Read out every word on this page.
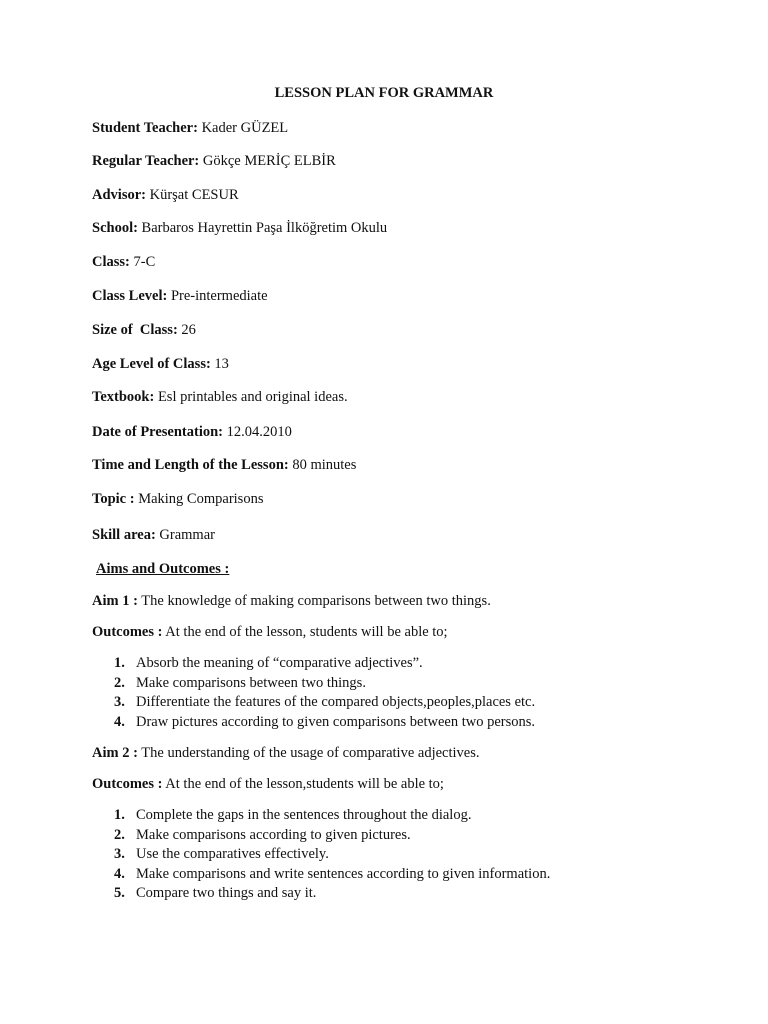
LESSON PLAN FOR GRAMMAR
Student Teacher: Kader GÜZEL
Regular Teacher: Gökçe MERİÇ ELBİR
Advisor: Kürşat CESUR
School: Barbaros Hayrettin Paşa İlköğretim Okulu
Class: 7-C
Class Level: Pre-intermediate
Size of  Class: 26
Age Level of Class: 13
Textbook: Esl printables and original ideas.
Date of Presentation: 12.04.2010
Time and Length of the Lesson: 80 minutes
Topic : Making Comparisons
Skill area: Grammar
Aims and Outcomes :
Aim 1 : The knowledge of making comparisons between two things.
Outcomes : At the end of the lesson, students will be able to;
1. Absorb the meaning of “comparative adjectives”.
2. Make comparisons between two things.
3. Differentiate the features of the compared objects,peoples,places etc.
4. Draw pictures according to given comparisons between two persons.
Aim 2 : The understanding of the usage of comparative adjectives.
Outcomes : At the end of the lesson,students will be able to;
1. Complete the gaps in the sentences throughout the dialog.
2. Make comparisons according to given pictures.
3. Use the comparatives effectively.
4. Make comparisons and write sentences according to given information.
5. Compare two things and say it.
